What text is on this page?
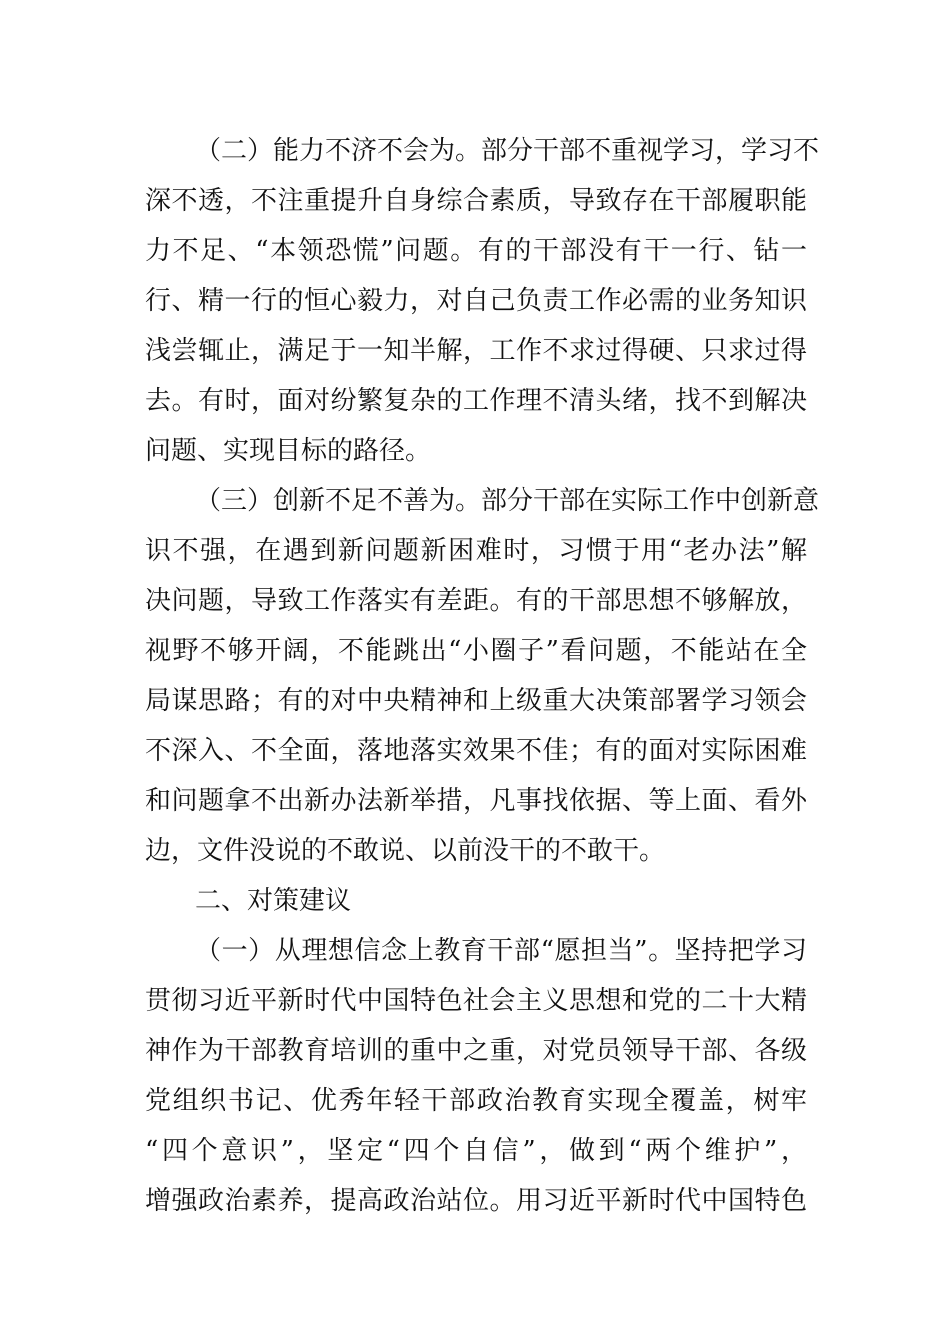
（二）能力不济不会为。部分干部不重视学习，学习不
深不透，不注重提升自身综合素质，导致存在干部履职能
力不足、“本领恐慌”问题。有的干部没有干一行、钻一
行、精一行的恒心毅力，对自己负责工作必需的业务知识
浅尝辄止，满足于一知半解，工作不求过得硬、只求过得
去。有时，面对纷繁复杂的工作理不清头绪，找不到解决
问题、实现目标的路径。
（三）创新不足不善为。部分干部在实际工作中创新意
识不强，在遇到新问题新困难时，习惯于用“老办法”解
决问题，导致工作落实有差距。有的干部思想不够解放，
视野不够开阔，不能跳出“小圈子”看问题，不能站在全
局谋思路；有的对中央精神和上级重大决策部署学习领会
不深入、不全面，落地落实效果不佳；有的面对实际困难
和问题拿不出新办法新举措，凡事找依据、等上面、看外
边，文件没说的不敢说、以前没干的不敢干。
二、对策建议
（一）从理想信念上教育干部“愿担当”。坚持把学习
贯彻习近平新时代中国特色社会主义思想和党的二十大精
神作为干部教育培训的重中之重，对党员领导干部、各级
党组织书记、优秀年轻干部政治教育实现全覆盖，树牢
“四个意识”，坚定“四个自信”，做到“两个维护”，
增强政治素养，提高政治站位。用习近平新时代中国特色
